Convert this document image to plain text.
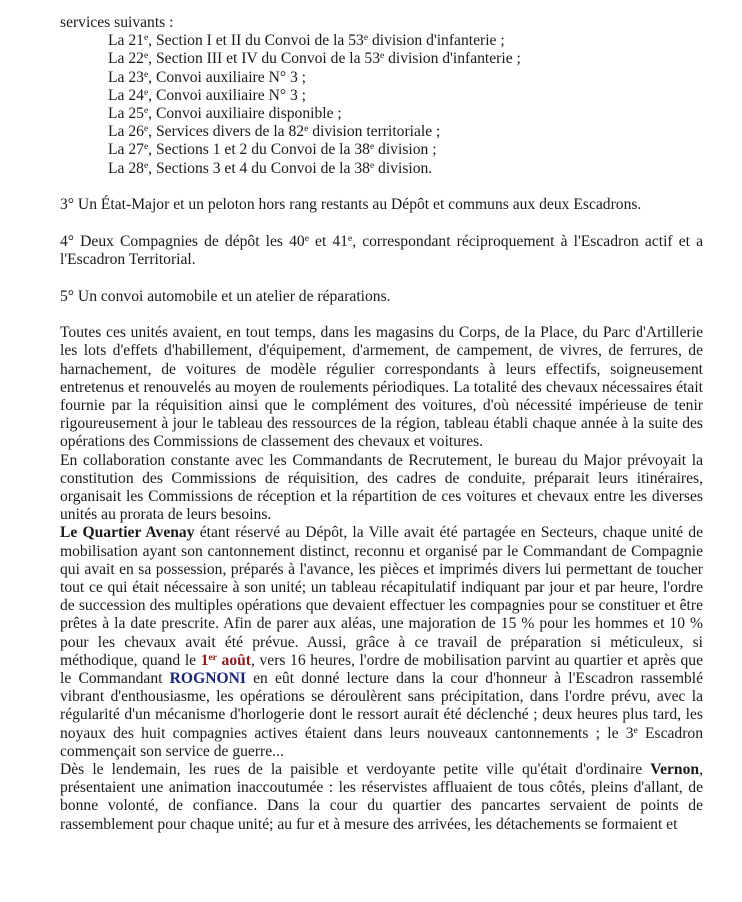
services suivants :
La 21e, Section I et II du Convoi de la 53e division d'infanterie ;
La 22e, Section III et IV du Convoi de la 53e division d'infanterie ;
La 23e, Convoi auxiliaire N° 3 ;
La 24e, Convoi auxiliaire N° 3 ;
La 25e, Convoi auxiliaire disponible ;
La 26e, Services divers de la 82e division territoriale ;
La 27e, Sections 1 et 2 du Convoi de la 38e division ;
La 28e, Sections 3 et 4 du Convoi de la 38e division.
3° Un État-Major et un peloton hors rang restants au Dépôt et communs aux deux Escadrons.
4° Deux Compagnies de dépôt les 40e et 41e, correspondant réciproquement à l'Escadron actif et a l'Escadron Territorial.
5° Un convoi automobile et un atelier de réparations.
Toutes ces unités avaient, en tout temps, dans les magasins du Corps, de la Place, du Parc d'Artillerie les lots d'effets d'habillement, d'équipement, d'armement, de campement, de vivres, de ferrures, de harnachement, de voitures de modèle régulier correspondants à leurs effectifs, soigneusement entretenus et renouvelés au moyen de roulements périodiques. La totalité des chevaux nécessaires était fournie par la réquisition ainsi que le complément des voitures, d'où nécessité impérieuse de tenir rigoureusement à jour le tableau des ressources de la région, tableau établi chaque année à la suite des opérations des Commissions de classement des chevaux et voitures.
En collaboration constante avec les Commandants de Recrutement, le bureau du Major prévoyait la constitution des Commissions de réquisition, des cadres de conduite, préparait leurs itinéraires, organisait les Commissions de réception et la répartition de ces voitures et chevaux entre les diverses unités au prorata de leurs besoins.
Le Quartier Avenay étant réservé au Dépôt, la Ville avait été partagée en Secteurs, chaque unité de mobilisation ayant son cantonnement distinct, reconnu et organisé par le Commandant de Compagnie qui avait en sa possession, préparés à l'avance, les pièces et imprimés divers lui permettant de toucher tout ce qui était nécessaire à son unité; un tableau récapitulatif indiquant par jour et par heure, l'ordre de succession des multiples opérations que devaient effectuer les compagnies pour se constituer et être prêtes à la date prescrite. Afin de parer aux aléas, une majoration de 15 % pour les hommes et 10 % pour les chevaux avait été prévue. Aussi, grâce à ce travail de préparation si méticuleux, si méthodique, quand le 1er août, vers 16 heures, l'ordre de mobilisation parvint au quartier et après que le Commandant ROGNONI en eût donné lecture dans la cour d'honneur à l'Escadron rassemblé vibrant d'enthousiasme, les opérations se déroulèrent sans précipitation, dans l'ordre prévu, avec la régularité d'un mécanisme d'horlogerie dont le ressort aurait été déclenché ; deux heures plus tard, les noyaux des huit compagnies actives étaient dans leurs nouveaux cantonnements ; le 3e Escadron commençait son service de guerre...
Dès le lendemain, les rues de la paisible et verdoyante petite ville qu'était d'ordinaire Vernon, présentaient une animation inaccoutumée : les réservistes affluaient de tous côtés, pleins d'allant, de bonne volonté, de confiance. Dans la cour du quartier des pancartes servaient de points de rassemblement pour chaque unité; au fur et à mesure des arrivées, les détachements se formaient et
